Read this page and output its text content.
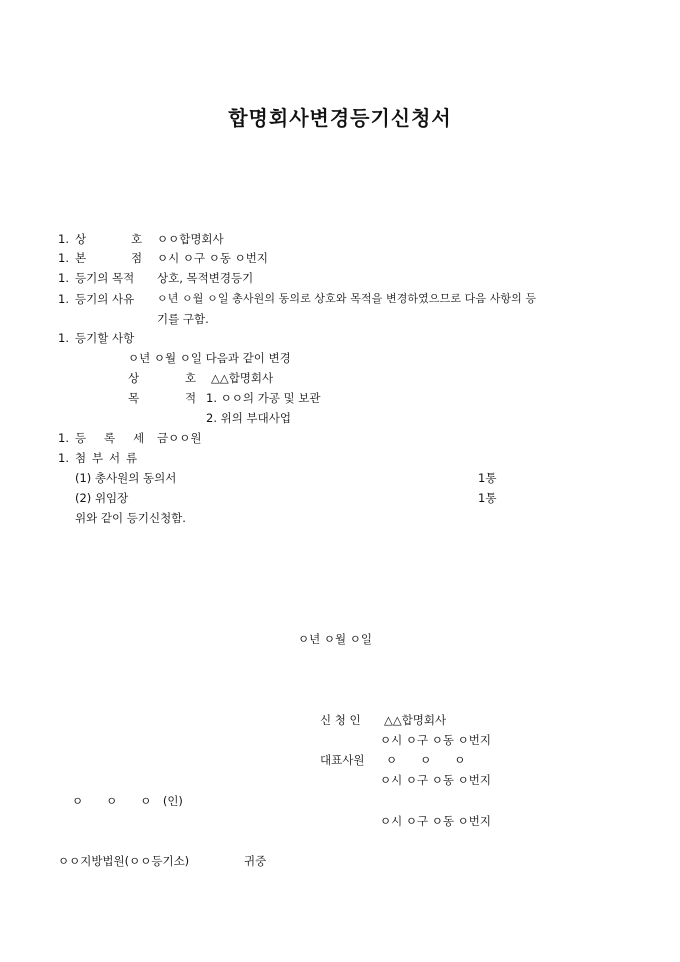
합명회사변경등기신청서
1. 상	호 ㅇㅇ합명회사
1. 본	점 ㅇ시 ㅇ구 ㅇ동 ㅇ번지
1. 등기의 목적 상호, 목적변경등기
1. 등기의 사유 ㅇ년 ㅇ월 ㅇ일 총사원의 동의로 상호와 목적을 변경하였으므로 다음 사항의 등
기를 구함.
1. 등기할 사항
ㅇ년 ㅇ월 ㅇ일 다음과 같이 변경
상	호 △△합명회사
목	적 1. ㅇㅇ의 가공 및 보관
2. 위의 부대사업
1. 등 록 세 금ㅇㅇ원
1. 첨 부 서 류
(1) 총사원의 동의서	1통
(2) 위임장	1통
위와 같이 등기신청함.
ㅇ년 ㅇ월 ㅇ일
신 청 인 △△합명회사
ㅇ시 ㅇ구 ㅇ동 ㅇ번지
대표사원 ㅇ　　ㅇ　　ㅇ
ㅇ시 ㅇ구 ㅇ동 ㅇ번지
ㅇ　　ㅇ　　ㅇ　(인)
ㅇ시 ㅇ구 ㅇ동 ㅇ번지
ㅇㅇ지방법원(ㅇㅇ등기소)	귀중
